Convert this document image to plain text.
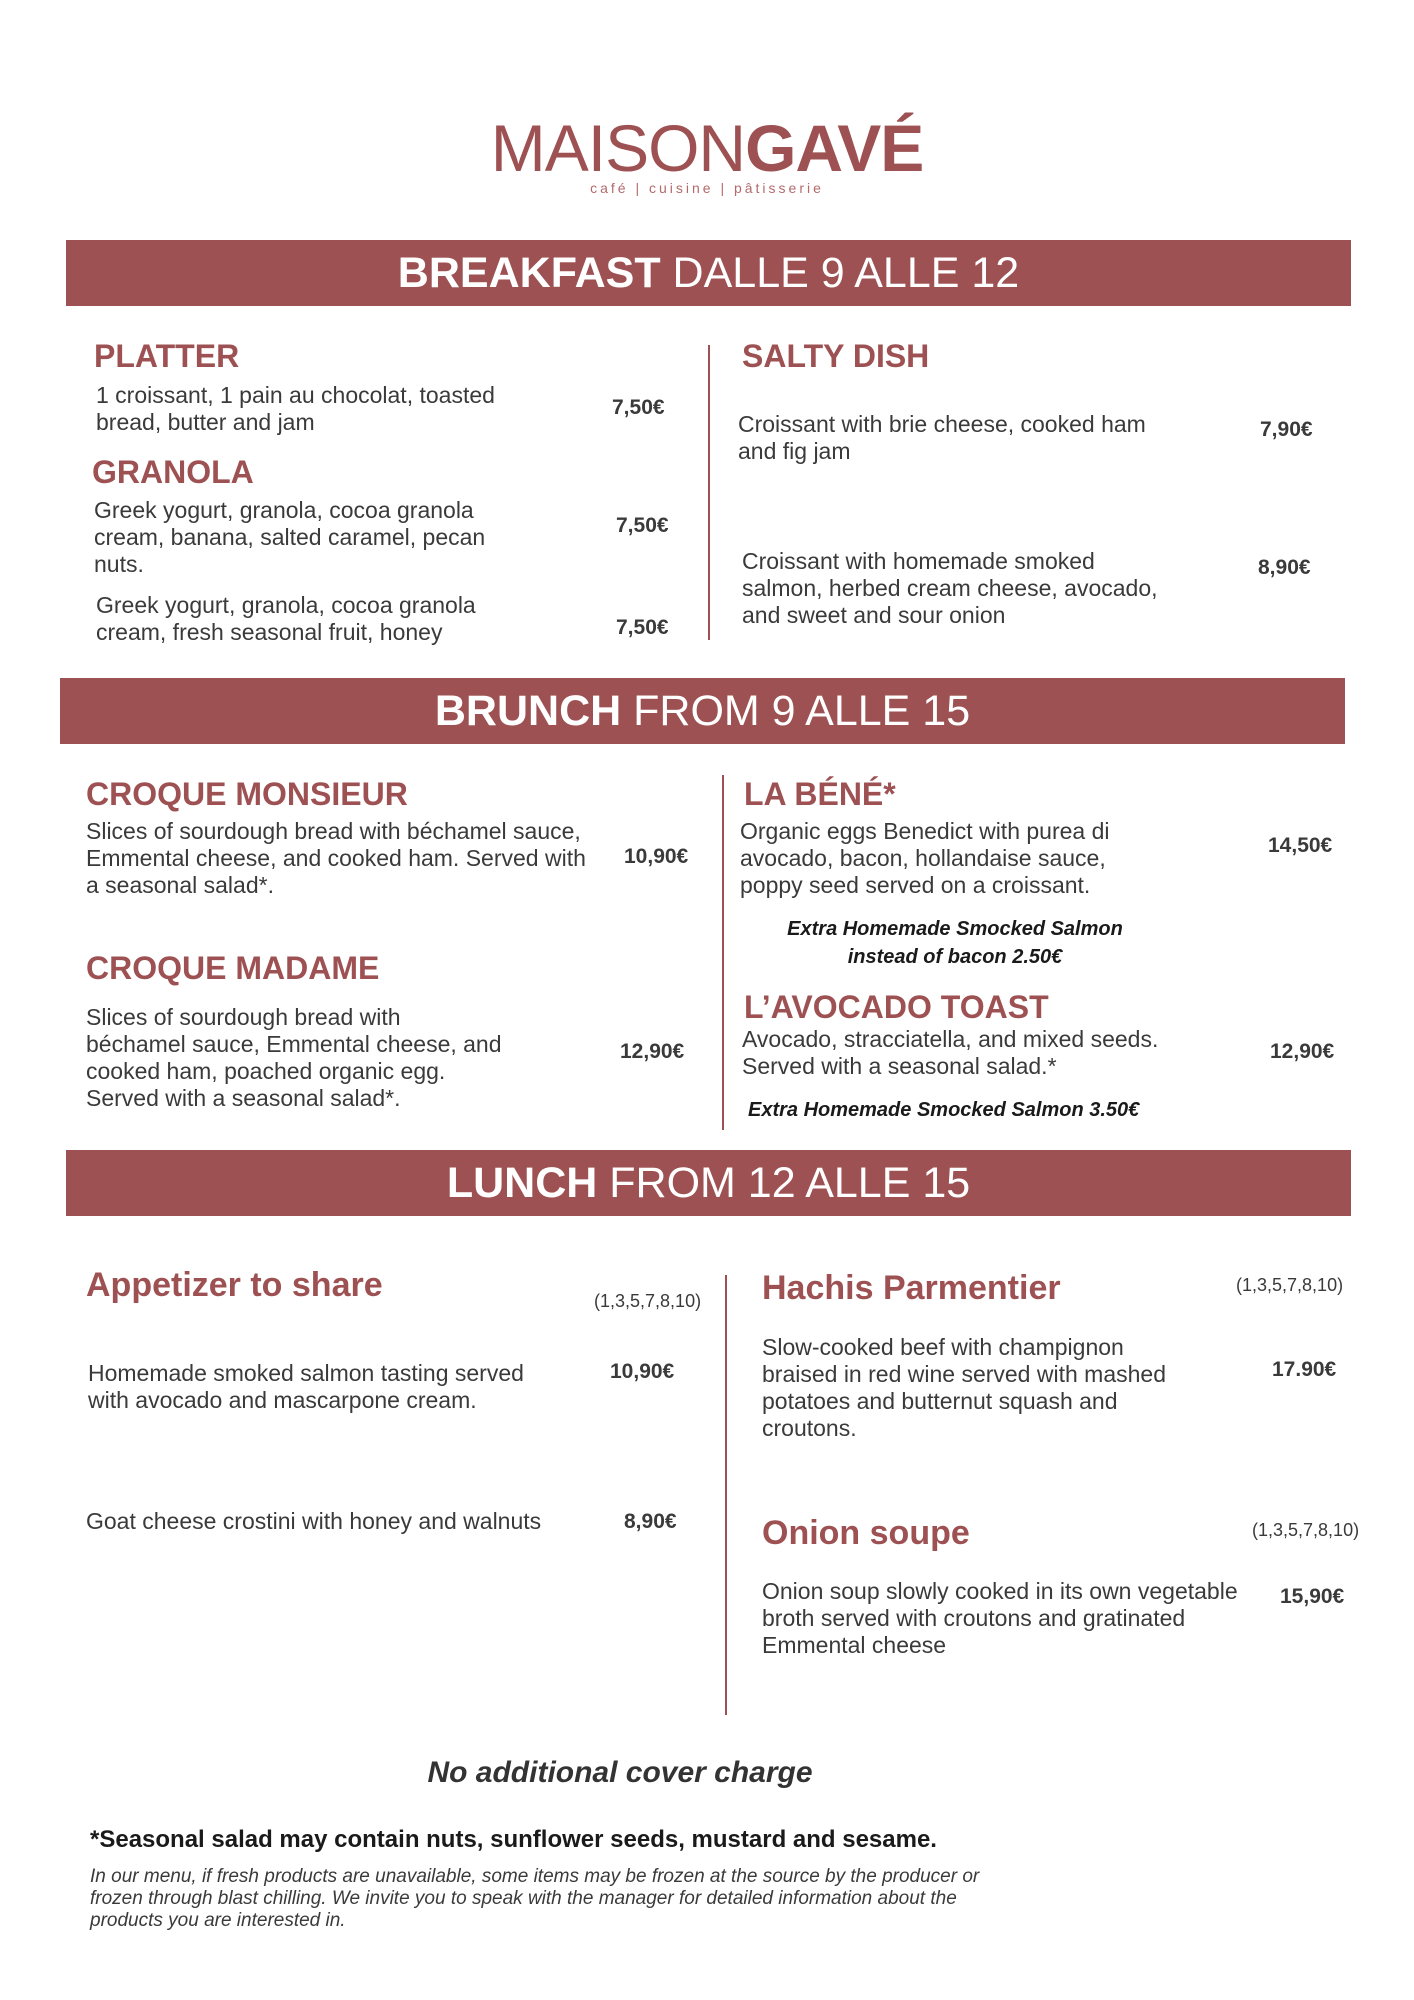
MAISONGAVÉ
café | cuisine | pâtisserie
BREAKFAST DALLE 9 ALLE 12
PLATTER
1 croissant, 1 pain au chocolat, toasted bread, butter and jam
7,50€
GRANOLA
Greek yogurt, granola, cocoa granola cream, banana, salted caramel, pecan nuts.
7,50€
Greek yogurt, granola, cocoa granola cream, fresh seasonal fruit, honey	7,50€
SALTY DISH
Croissant with brie cheese, cooked ham and fig jam
7,90€
Croissant with homemade smoked salmon, herbed cream cheese, avocado, and sweet and sour onion
8,90€
BRUNCH FROM 9 ALLE 15
CROQUE MONSIEUR
Slices of sourdough bread with béchamel sauce, Emmental cheese, and cooked ham. Served with a seasonal salad*.
10,90€
CROQUE MADAME
Slices of sourdough bread with béchamel sauce, Emmental cheese, and cooked ham, poached organic egg. Served with a seasonal salad*.
12,90€
LA BÉNÉ*
Organic eggs Benedict with purea di avocado, bacon, hollandaise sauce, poppy seed served on a croissant.
14,50€
Extra Homemade Smocked Salmon
instead of bacon 2.50€
L’AVOCADO TOAST
Avocado, stracciatella, and mixed seeds. Served with a seasonal salad.*
12,90€
Extra Homemade Smocked Salmon 3.50€
LUNCH FROM 12 ALLE 15
Appetizer to share	(1,3,5,7,8,10)
Homemade smoked salmon tasting served with avocado and mascarpone cream.
10,90€
Goat cheese crostini with honey and walnuts	8,90€
Hachis Parmentier	(1,3,5,7,8,10)
Slow-cooked beef with champignon braised in red wine served with mashed potatoes and butternut squash and croutons.
17.90€
Onion soupe	(1,3,5,7,8,10)
Onion soup slowly cooked in its own vegetable broth served with croutons and gratinated Emmental cheese
15,90€
No additional cover charge
*Seasonal salad may contain nuts, sunflower seeds, mustard and sesame.
In our menu, if fresh products are unavailable, some items may be frozen at the source by the producer or frozen through blast chilling. We invite you to speak with the manager for detailed information about the products you are interested in.
